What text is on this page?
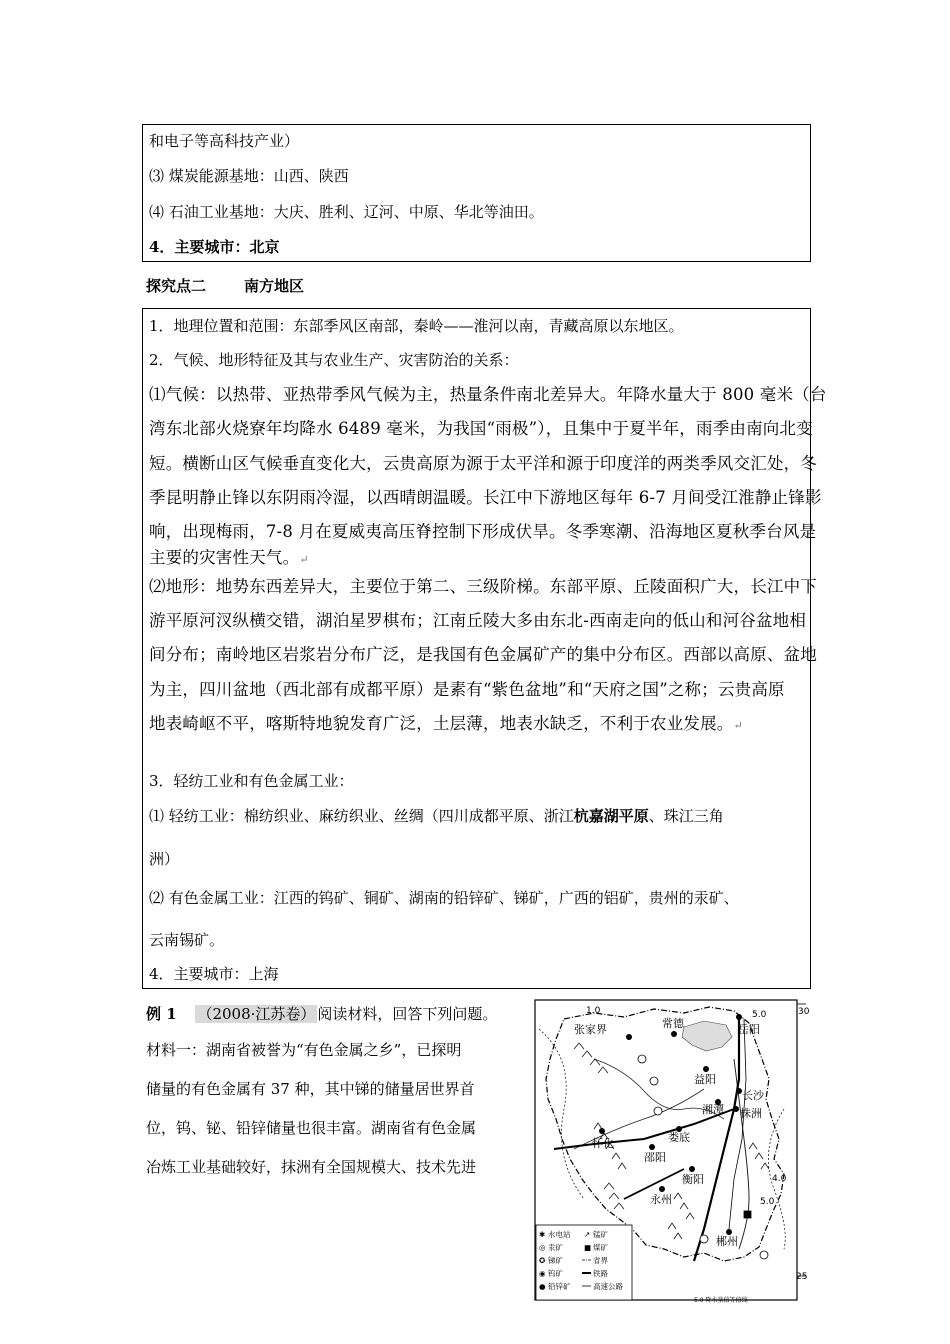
和电子等高科技产业）
⑶ 煤炭能源基地：山西、陕西
⑷ 石油工业基地：大庆、胜利、辽河、中原、华北等油田。
4．主要城市：北京
探究点二	南方地区
1．地理位置和范围：东部季风区南部，秦岭——淮河以南，青藏高原以东地区。
2．气候、地形特征及其与农业生产、灾害防治的关系：
⑴气候：以热带、亚热带季风气候为主，热量条件南北差异大。年降水量大于 800 毫米（台
湾东北部火烧寮年均降水 6489 毫米，为我国“雨极”），且集中于夏半年，雨季由南向北变
短。横断山区气候垂直变化大，云贵高原为源于太平洋和源于印度洋的两类季风交汇处，冬
季昆明静止锋以东阴雨冷湿，以西晴朗温暖。长江中下游地区每年 6-7 月间受江淮静止锋影
响，出现梅雨，7-8 月在夏威夷高压脊控制下形成伏旱。冬季寒潮、沿海地区夏秋季台风是
主要的灾害性天气。↵
⑵地形：地势东西差异大，主要位于第二、三级阶梯。东部平原、丘陵面积广大，长江中下
游平原河汊纵横交错，湖泊星罗棋布；江南丘陵大多由东北-西南走向的低山和河谷盆地相
间分布；南岭地区岩浆岩分布广泛，是我国有色金属矿产的集中分布区。西部以高原、盆地
为主，四川盆地（西北部有成都平原）是素有“紫色盆地”和“天府之国”之称；云贵高原
地表崎岖不平，喀斯特地貌发育广泛，土层薄，地表水缺乏，不利于农业发展。↵
3．轻纺工业和有色金属工业：
⑴ 轻纺工业：棉纺织业、麻纺织业、丝绸（四川成都平原、浙江杭嘉湖平原、珠江三角
洲）
⑵ 有色金属工业：江西的钨矿、铜矿、湖南的铅锌矿、锑矿，广西的铝矿，贵州的汞矿、
云南锡矿。
4．主要城市：上海
例 1 （2008·江苏卷） 阅读材料，回答下列问题。
材料一：湖南省被誉为“有色金属之乡”，已探明
储量的有色金属有 37 种，其中锑的储量居世界首
位，钨、铋、铅锌储量也很丰富。湖南省有色金属
冶炼工业基础较好，抹洲有全国规模大、技术先进
30
25
1.0	5.0
4.0
5.0
张家界	常德	岳阳
益阳
湘潭
长沙
株洲
娄底
邵阳
怀化
衡阳
永州
郴州
✱ 水电站 ↗ 锰矿
◎ 汞矿	■ 煤矿
✪ 锑矿	省界
◉ 钨矿	铁路
● 铅锌矿	高速公路
5.0 降水量值等值线
